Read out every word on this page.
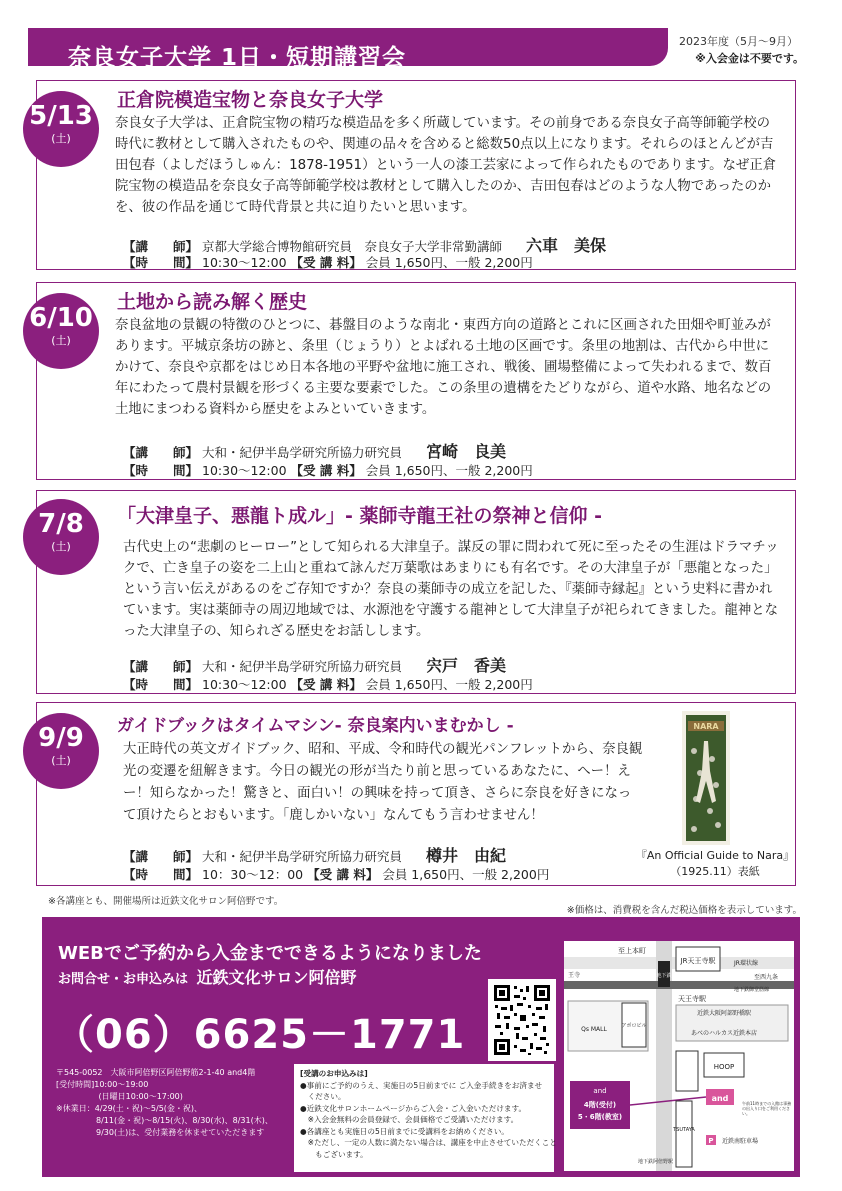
奈良女子大学 1日・短期講習会
2023年度（5月～9月）
※入会金は不要です。
5/13
(土)
正倉院模造宝物と奈良女子大学
奈良女子大学は、正倉院宝物の精巧な模造品を多く所蔵しています。その前身である奈良女子高等師範学校の時代に教材として購入されたものや、関連の品々を含めると総数50点以上になります。それらのほとんどが吉田包春（よしだほうしゅん：1878-1951）という一人の漆工芸家によって作られたものであります。なぜ正倉院宝物の模造品を奈良女子高等師範学校は教材として購入したのか、吉田包春はどのような人物であったのかを、彼の作品を通じて時代背景と共に迫りたいと思います。
【講　　師】 京都大学総合博物館研究員　奈良女子大学非常勤講師 六車　美保
【時　　間】 10:30～12:00 【受 講 料】 会員 1,650円、一般 2,200円
6/10
(土)
土地から読み解く歴史
奈良盆地の景観の特徴のひとつに、碁盤目のような南北・東西方向の道路とこれに区画された田畑や町並みがあります。平城京条坊の跡と、条里（じょうり）とよばれる土地の区画です。条里の地割は、古代から中世にかけて、奈良や京都をはじめ日本各地の平野や盆地に施工され、戦後、圃場整備によって失われるまで、数百年にわたって農村景観を形づくる主要な要素でした。この条里の遺構をたどりながら、道や水路、地名などの土地にまつわる資料から歴史をよみといていきます。
【講　　師】 大和・紀伊半島学研究所協力研究員 宮崎　良美
【時　　間】 10:30～12:00 【受 講 料】 会員 1,650円、一般 2,200円
7/8
(土)
「大津皇子、悪龍ト成ル」- 薬師寺龍王社の祭神と信仰 -
古代史上の“悲劇のヒーロー”として知られる大津皇子。謀反の罪に問われて死に至ったその生涯はドラマチックで、亡き皇子の姿を二上山と重ねて詠んだ万葉歌はあまりにも有名です。その大津皇子が「悪龍となった」という言い伝えがあるのをご存知ですか？奈良の薬師寺の成立を記した、『薬師寺縁起』という史料に書かれています。実は薬師寺の周辺地域では、水源池を守護する龍神として大津皇子が祀られてきました。龍神となった大津皇子の、知られざる歴史をお話しします。
【講　　師】 大和・紀伊半島学研究所協力研究員 宍戸　香美
【時　　間】 10:30～12:00 【受 講 料】 会員 1,650円、一般 2,200円
9/9
(土)
ガイドブックはタイムマシン- 奈良案内いまむかし -
大正時代の英文ガイドブック、昭和、平成、令和時代の観光パンフレットから、奈良観光の変遷を紐解きます。今日の観光の形が当たり前と思っているあなたに、へー！えー！知らなかった！驚きと、面白い！の興味を持って頂き、さらに奈良を好きになって頂けたらとおもいます。「鹿しかいない」なんてもう言わせません！
【講　　師】 大和・紀伊半島学研究所協力研究員 樽井　由紀
【時　　間】 10：30～12：00 【受 講 料】 会員 1,650円、一般 2,200円
NARA
『An Official Guide to Nara』
（1925.11）表紙
※各講座とも、開催場所は近鉄文化サロン阿倍野です。
※価格は、消費税を含んだ税込価格を表示しています。
WEBでご予約から入金までできるようになりました
お問合せ・お申込みは 近鉄文化サロン阿倍野
（06）6625－1771
〒545-0052　大阪市阿倍野区阿倍野筋2-1-40 and4階
[受付時間]10:00～19:00
　　　　　 (日曜日10:00～17:00)
※休業日：4/29(土・祝)～5/5(金・祝)、
　　　　　8/11(金・祝)～8/15(火)、8/30(水)、8/31(木)、
　　　　　9/30(土)は、受付業務を休ませていただきます
[受講のお申込みは]
●事前にご予約のうえ、実施日の5日前までに ご入金手続きをお済ませ
　ください。
●近鉄文化サロンホームページからご入会・ご入金いただけます。
　※入会金無料の会員登録で、会員価格でご受講いただけます。
●各講座とも実施日の5日前までに受講料をお納めください。
　※ただし、一定の人数に満たない場合は、講座を中止させていただくこと
　　もございます。
至上本町
至西九条
王寺
JR天王寺駅	JR環状線
地下鉄
天王寺駅
地下鉄御堂筋線
アポロビル
Qs MALL
近鉄大阪阿部野橋駅
あべのハルカス近鉄本店
HOOP
and
4階(受付)
5・6階(教室)
and
TSUTAYA
午前11時までの入館は事務の出入り口をご利用ください。
P 近鉄南駐車場
地下鉄阿倍野駅
